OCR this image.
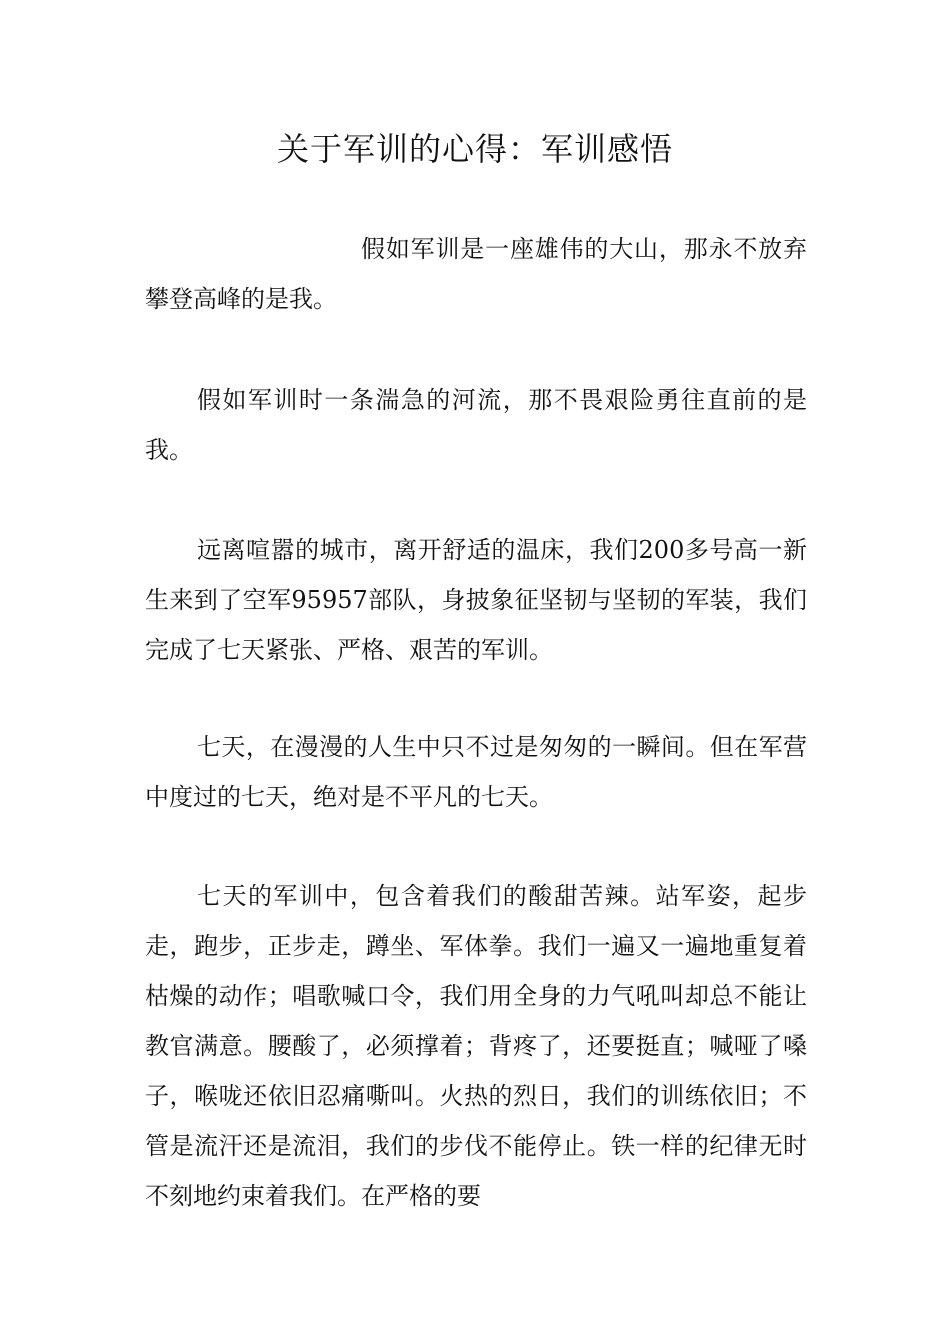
关于军训的心得：军训感悟

假如军训是一座雄伟的大山，那永不放弃攀登高峰的是我。

假如军训时一条湍急的河流，那不畏艰险勇往直前的是我。

远离喧嚣的城市，离开舒适的温床，我们200多号高一新生来到了空军95957部队，身披象征坚韧与坚韧的军装，我们完成了七天紧张、严格、艰苦的军训。

七天，在漫漫的人生中只不过是匆匆的一瞬间。但在军营中度过的七天，绝对是不平凡的七天。

七天的军训中，包含着我们的酸甜苦辣。站军姿，起步走，跑步，正步走，蹲坐、军体拳。我们一遍又一遍地重复着枯燥的动作；唱歌喊口令，我们用全身的力气吼叫却总不能让教官满意。腰酸了，必须撑着；背疼了，还要挺直；喊哑了嗓子，喉咙还依旧忍痛嘶叫。火热的烈日，我们的训练依旧；不管是流汗还是流泪，我们的步伐不能停止。铁一样的纪律无时不刻地约束着我们。在严格的要
